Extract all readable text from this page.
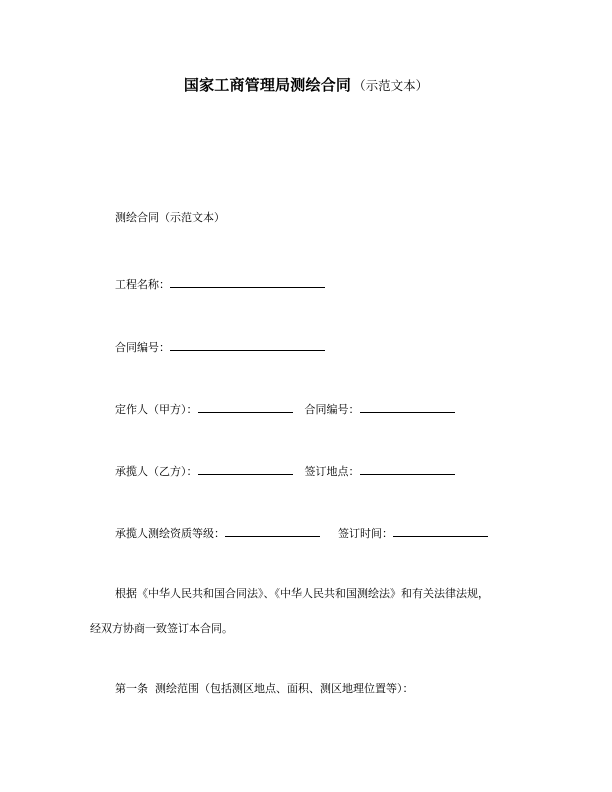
国家工商管理局测绘合同 （示范文本）
测绘合同（示范文本）
工程名称：
合同编号：
定作人（甲方）：	合同编号：
承揽人（乙方）：	签订地点：
承揽人测绘资质等级：	签订时间：
根据《中华人民共和国合同法》、《中华人民共和国测绘法》和有关法律法规，
经双方协商一致签订本合同。
第一条  测绘范围（包括测区地点、面积、测区地理位置等）：
